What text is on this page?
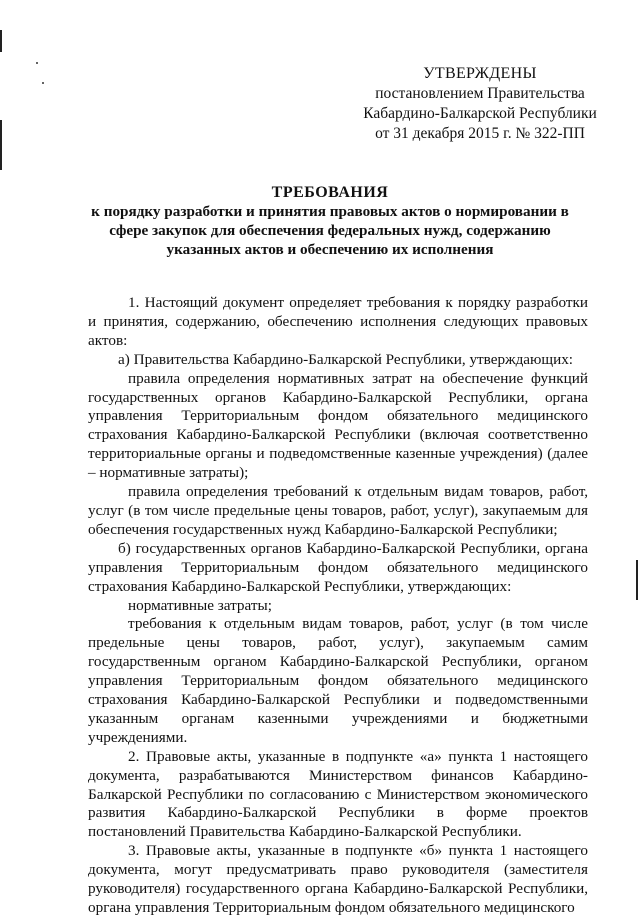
УТВЕРЖДЕНЫ
постановлением Правительства
Кабардино-Балкарской Республики
от 31 декабря 2015 г. № 322-ПП
ТРЕБОВАНИЯ
к порядку разработки и принятия правовых актов о нормировании в сфере закупок для обеспечения федеральных нужд, содержанию указанных актов и обеспечению их исполнения

1. Настоящий документ определяет требования к порядку разработки и принятия, содержанию, обеспечению исполнения следующих правовых актов:

а) Правительства Кабардино-Балкарской Республики, утверждающих:

правила определения нормативных затрат на обеспечение функций государственных органов Кабардино-Балкарской Республики, органа управления Территориальным фондом обязательного медицинского страхования Кабардино-Балкарской Республики (включая соответственно территориальные органы и подведомственные казенные учреждения) (далее – нормативные затраты);

правила определения требований к отдельным видам товаров, работ, услуг (в том числе предельные цены товаров, работ, услуг), закупаемым для обеспечения государственных нужд Кабардино-Балкарской Республики;

б) государственных органов Кабардино-Балкарской Республики, органа управления Территориальным фондом обязательного медицинского страхования Кабардино-Балкарской Республики, утверждающих:

нормативные затраты;

требования к отдельным видам товаров, работ, услуг (в том числе предельные цены товаров, работ, услуг), закупаемым самим государственным органом Кабардино-Балкарской Республики, органом управления Территориальным фондом обязательного медицинского страхования Кабардино-Балкарской Республики и подведомственными указанным органам казенными учреждениями и бюджетными учреждениями.

2. Правовые акты, указанные в подпункте «а» пункта 1 настоящего документа, разрабатываются Министерством финансов Кабардино-Балкарской Республики по согласованию с Министерством экономического развития Кабардино-Балкарской Республики в форме проектов постановлений Правительства Кабардино-Балкарской Республики.

3. Правовые акты, указанные в подпункте «б» пункта 1 настоящего документа, могут предусматривать право руководителя (заместителя руководителя) государственного органа Кабардино-Балкарской Республики, органа управления Территориальным фондом обязательного медицинского
